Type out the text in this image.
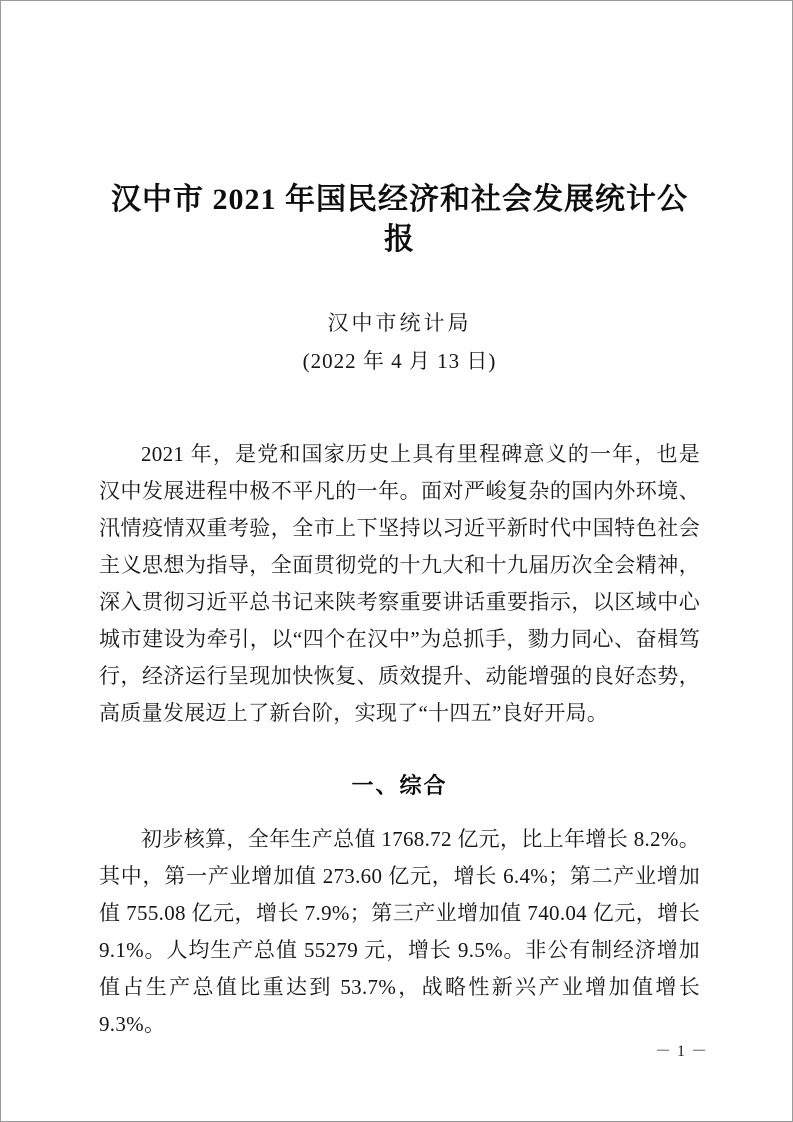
汉中市 2021 年国民经济和社会发展统计公报
汉中市统计局
(2022 年 4 月 13 日)

2021 年，是党和国家历史上具有里程碑意义的一年，也是汉中发展进程中极不平凡的一年。面对严峻复杂的国内外环境、汛情疫情双重考验，全市上下坚持以习近平新时代中国特色社会主义思想为指导，全面贯彻党的十九大和十九届历次全会精神，深入贯彻习近平总书记来陕考察重要讲话重要指示，以区域中心城市建设为牵引，以“四个在汉中”为总抓手，勠力同心、奋楫笃行，经济运行呈现加快恢复、质效提升、动能增强的良好态势，高质量发展迈上了新台阶，实现了“十四五”良好开局。

一、综合

初步核算，全年生产总值 1768.72 亿元，比上年增长 8.2%。其中，第一产业增加值 273.60 亿元，增长 6.4%；第二产业增加值 755.08 亿元，增长 7.9%；第三产业增加值 740.04 亿元，增长 9.1%。人均生产总值 55279 元，增长 9.5%。非公有制经济增加值占生产总值比重达到 53.7%，战略性新兴产业增加值增长 9.3%。

－ 1 －
